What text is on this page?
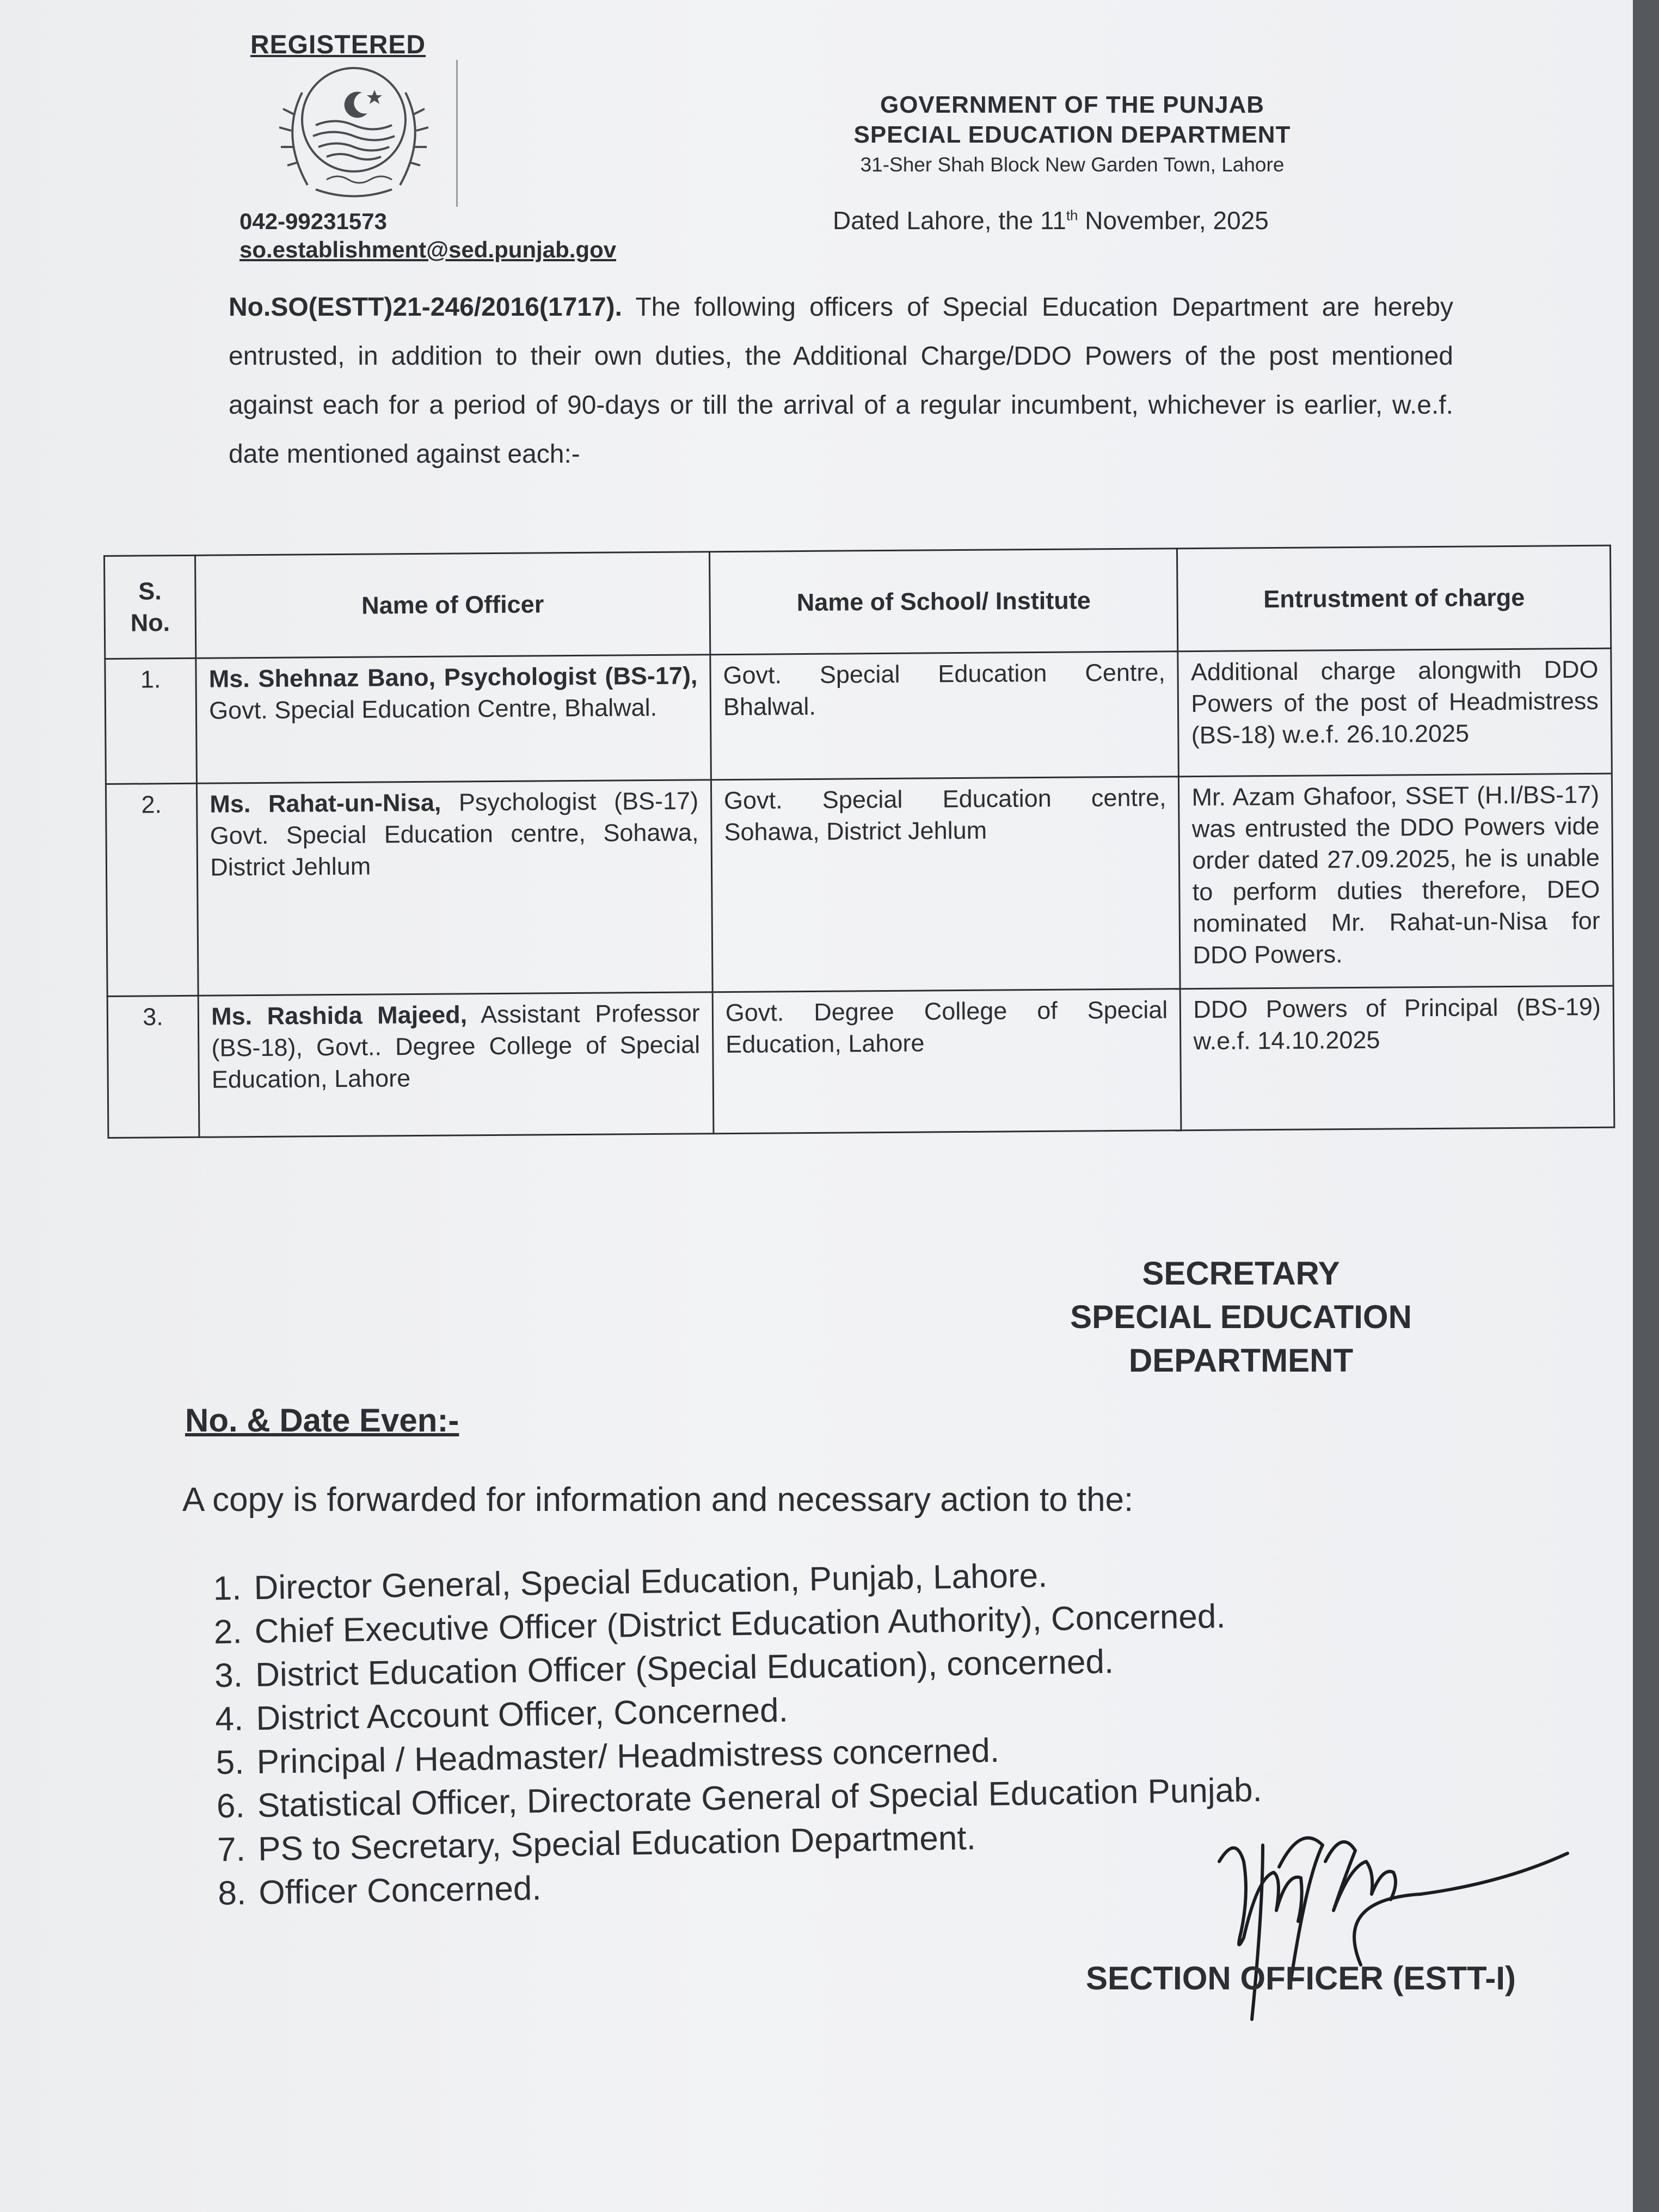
REGISTERED
GOVERNMENT OF THE PUNJAB
SPECIAL EDUCATION DEPARTMENT
31-Sher Shah Block New Garden Town, Lahore
042-99231573
so.establishment@sed.punjab.gov
Dated Lahore, the 11th November, 2025
No.SO(ESTT)21-246/2016(1717). The following officers of Special Education Department are hereby entrusted, in addition to their own duties, the Additional Charge/DDO Powers of the post mentioned against each for a period of 90-days or till the arrival of a regular incumbent, whichever is earlier, w.e.f. date mentioned against each:-
S. No.	Name of Officer	Name of School/ Institute	Entrustment of charge
1.	Ms. Shehnaz Bano, Psychologist (BS-17), Govt. Special Education Centre, Bhalwal.	Govt. Special Education Centre, Bhalwal.	Additional charge alongwith DDO Powers of the post of Headmistress (BS-18) w.e.f. 26.10.2025
2.	Ms. Rahat-un-Nisa, Psychologist (BS-17) Govt. Special Education centre, Sohawa, District Jehlum	Govt. Special Education centre, Sohawa, District Jehlum	Mr. Azam Ghafoor, SSET (H.I/BS-17) was entrusted the DDO Powers vide order dated 27.09.2025, he is unable to perform duties therefore, DEO nominated Mr. Rahat-un-Nisa for DDO Powers.
3.	Ms. Rashida Majeed, Assistant Professor (BS-18), Govt.. Degree College of Special Education, Lahore	Govt. Degree College of Special Education, Lahore	DDO Powers of Principal (BS-19) w.e.f. 14.10.2025
SECRETARY
SPECIAL EDUCATION
DEPARTMENT
No. & Date Even:-
A copy is forwarded for information and necessary action to the:
1. Director General, Special Education, Punjab, Lahore.
2. Chief Executive Officer (District Education Authority), Concerned.
3. District Education Officer (Special Education), concerned.
4. District Account Officer, Concerned.
5. Principal / Headmaster/ Headmistress concerned.
6. Statistical Officer, Directorate General of Special Education Punjab.
7. PS to Secretary, Special Education Department.
8. Officer Concerned.
SECTION OFFICER (ESTT-I)
